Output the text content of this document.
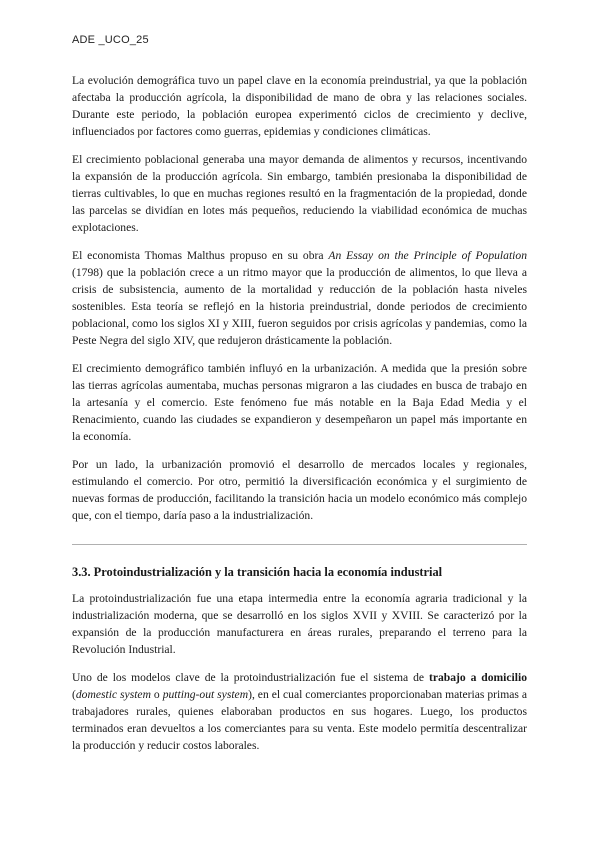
ADE _UCO_25

La evolución demográfica tuvo un papel clave en la economía preindustrial, ya que la población afectaba la producción agrícola, la disponibilidad de mano de obra y las relaciones sociales. Durante este periodo, la población europea experimentó ciclos de crecimiento y declive, influenciados por factores como guerras, epidemias y condiciones climáticas.

El crecimiento poblacional generaba una mayor demanda de alimentos y recursos, incentivando la expansión de la producción agrícola. Sin embargo, también presionaba la disponibilidad de tierras cultivables, lo que en muchas regiones resultó en la fragmentación de la propiedad, donde las parcelas se dividían en lotes más pequeños, reduciendo la viabilidad económica de muchas explotaciones.

El economista Thomas Malthus propuso en su obra An Essay on the Principle of Population (1798) que la población crece a un ritmo mayor que la producción de alimentos, lo que lleva a crisis de subsistencia, aumento de la mortalidad y reducción de la población hasta niveles sostenibles. Esta teoría se reflejó en la historia preindustrial, donde periodos de crecimiento poblacional, como los siglos XI y XIII, fueron seguidos por crisis agrícolas y pandemias, como la Peste Negra del siglo XIV, que redujeron drásticamente la población.

El crecimiento demográfico también influyó en la urbanización. A medida que la presión sobre las tierras agrícolas aumentaba, muchas personas migraron a las ciudades en busca de trabajo en la artesanía y el comercio. Este fenómeno fue más notable en la Baja Edad Media y el Renacimiento, cuando las ciudades se expandieron y desempeñaron un papel más importante en la economía.

Por un lado, la urbanización promovió el desarrollo de mercados locales y regionales, estimulando el comercio. Por otro, permitió la diversificación económica y el surgimiento de nuevas formas de producción, facilitando la transición hacia un modelo económico más complejo que, con el tiempo, daría paso a la industrialización.

3.3. Protoindustrialización y la transición hacia la economía industrial

La protoindustrialización fue una etapa intermedia entre la economía agraria tradicional y la industrialización moderna, que se desarrolló en los siglos XVII y XVIII. Se caracterizó por la expansión de la producción manufacturera en áreas rurales, preparando el terreno para la Revolución Industrial.

Uno de los modelos clave de la protoindustrialización fue el sistema de trabajo a domicilio (domestic system o putting-out system), en el cual comerciantes proporcionaban materias primas a trabajadores rurales, quienes elaboraban productos en sus hogares. Luego, los productos terminados eran devueltos a los comerciantes para su venta. Este modelo permitía descentralizar la producción y reducir costos laborales.
